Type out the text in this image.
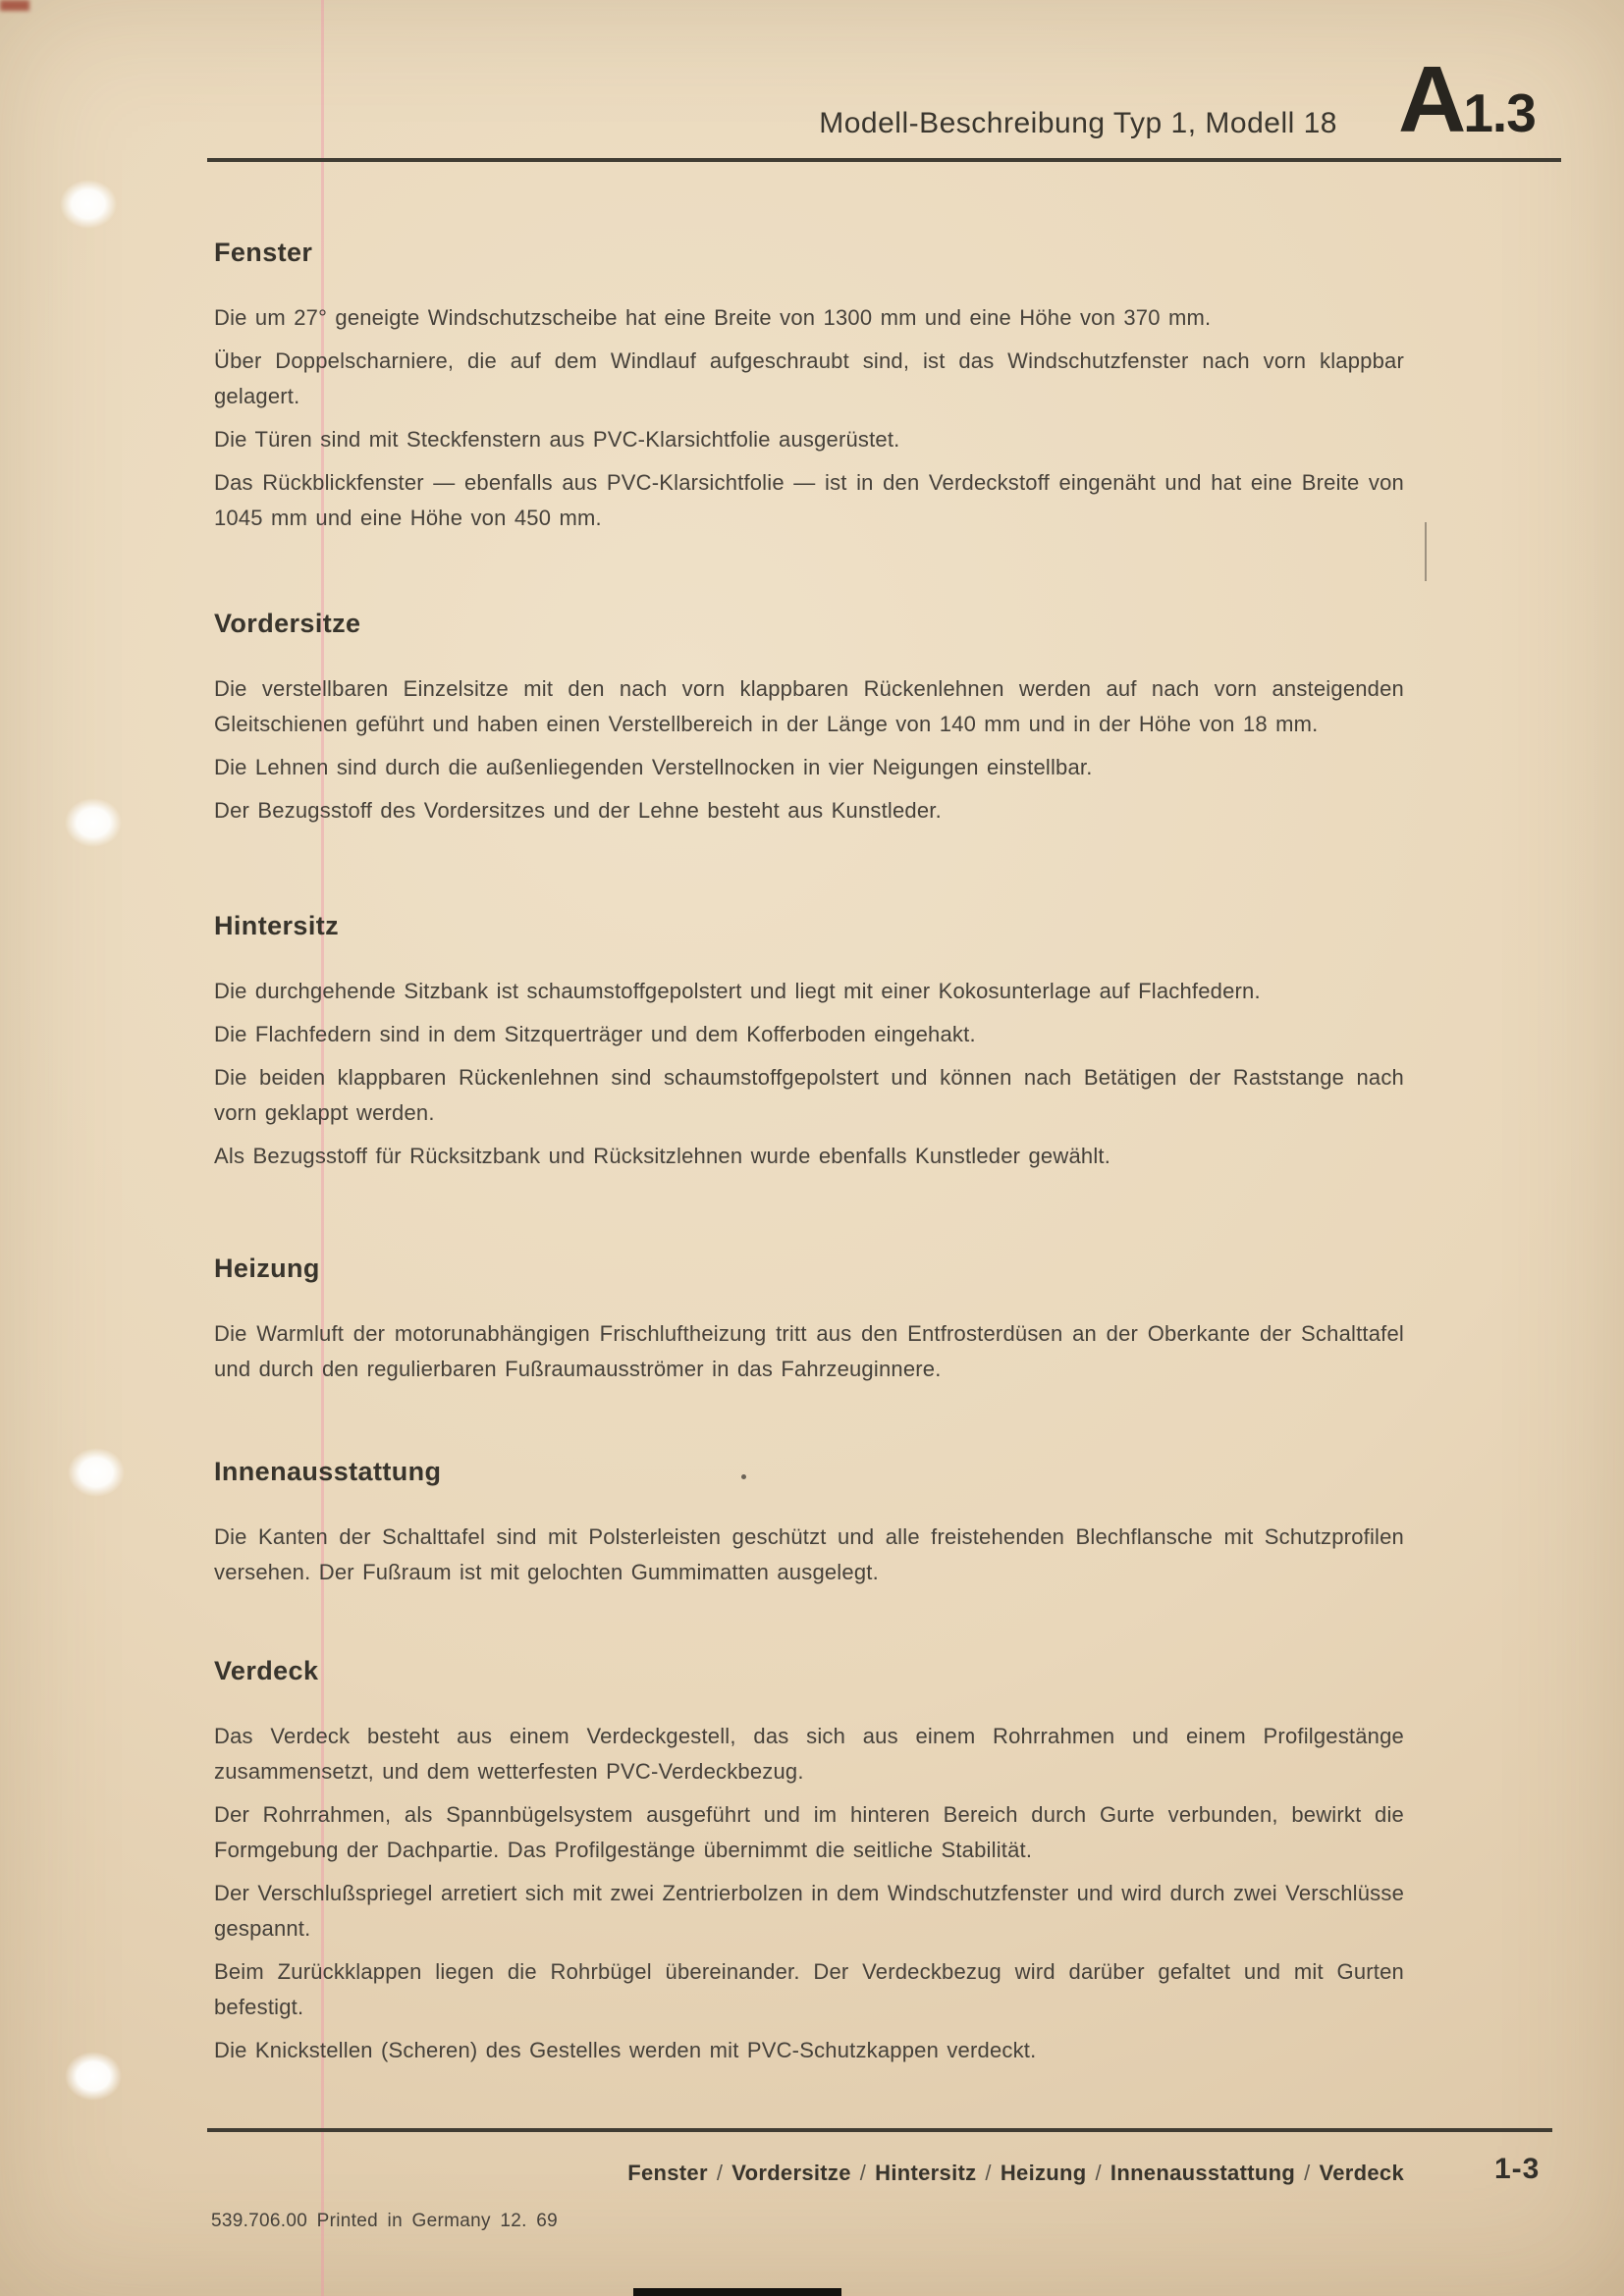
Modell-Beschreibung Typ 1, Modell 18 A 1.3
Fenster

Die um 27° geneigte Windschutzscheibe hat eine Breite von 1300 mm und eine Höhe von 370 mm.

Über Doppelscharniere, die auf dem Windlauf aufgeschraubt sind, ist das Windschutzfenster nach vorn klappbar gelagert.

Die Türen sind mit Steckfenstern aus PVC-Klarsichtfolie ausgerüstet.

Das Rückblickfenster — ebenfalls aus PVC-Klarsichtfolie — ist in den Verdeckstoff eingenäht und hat eine Breite von 1045 mm und eine Höhe von 450 mm.

Vordersitze

Die verstellbaren Einzelsitze mit den nach vorn klappbaren Rückenlehnen werden auf nach vorn ansteigenden Gleitschienen geführt und haben einen Verstellbereich in der Länge von 140 mm und in der Höhe von 18 mm.

Die Lehnen sind durch die außenliegenden Verstellnocken in vier Neigungen einstellbar.

Der Bezugsstoff des Vordersitzes und der Lehne besteht aus Kunstleder.

Hintersitz

Die durchgehende Sitzbank ist schaumstoffgepolstert und liegt mit einer Kokosunterlage auf Flachfedern.

Die Flachfedern sind in dem Sitzquerträger und dem Kofferboden eingehakt.

Die beiden klappbaren Rückenlehnen sind schaumstoffgepolstert und können nach Betätigen der Raststange nach vorn geklappt werden.

Als Bezugsstoff für Rücksitzbank und Rücksitzlehnen wurde ebenfalls Kunstleder gewählt.

Heizung

Die Warmluft der motorunabhängigen Frischluftheizung tritt aus den Entfrosterdüsen an der Oberkante der Schalttafel und durch den regulierbaren Fußraumausströmer in das Fahrzeuginnere.

Innenausstattung

Die Kanten der Schalttafel sind mit Polsterleisten geschützt und alle freistehenden Blechflansche mit Schutzprofilen versehen. Der Fußraum ist mit gelochten Gummimatten ausgelegt.

Verdeck

Das Verdeck besteht aus einem Verdeckgestell, das sich aus einem Rohrrahmen und einem Profilgestänge zusammensetzt, und dem wetterfesten PVC-Verdeckbezug.

Der Rohrrahmen, als Spannbügelsystem ausgeführt und im hinteren Bereich durch Gurte verbunden, bewirkt die Formgebung der Dachpartie. Das Profilgestänge übernimmt die seitliche Stabilität.

Der Verschlußspriegel arretiert sich mit zwei Zentrierbolzen in dem Windschutzfenster und wird durch zwei Verschlüsse gespannt.

Beim Zurückklappen liegen die Rohrbügel übereinander. Der Verdeckbezug wird darüber gefaltet und mit Gurten befestigt.

Die Knickstellen (Scheren) des Gestelles werden mit PVC-Schutzkappen verdeckt.

Fenster / Vordersitze / Hintersitz / Heizung / Innenausstattung / Verdeck	1-3
539.706.00 Printed in Germany 12. 69
